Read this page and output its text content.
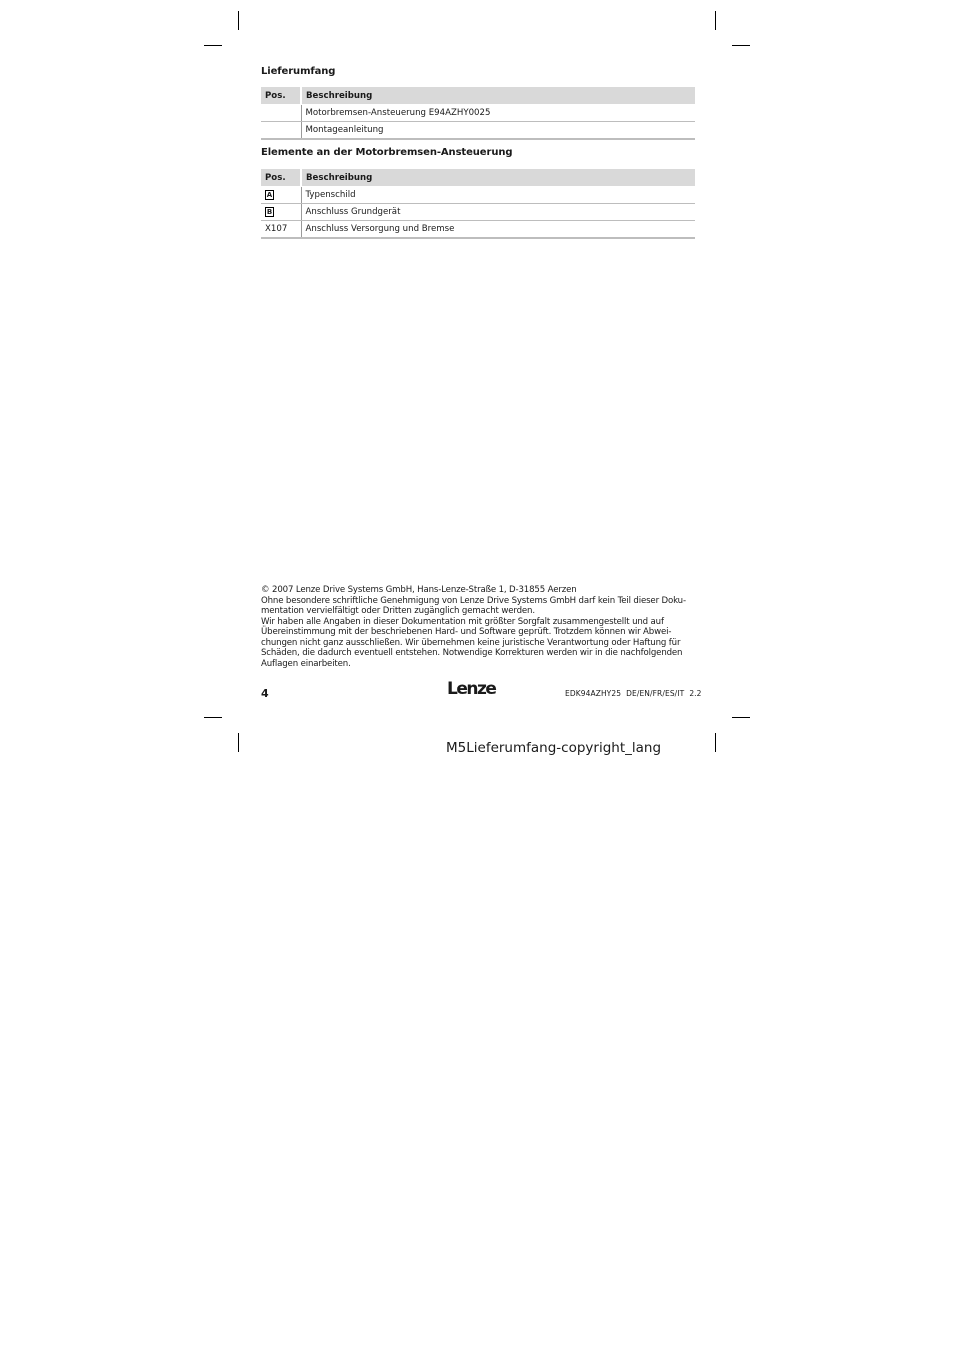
Lieferumfang
Pos.	Beschreibung
	Motorbremsen-Ansteuerung E94AZHY0025
	Montageanleitung
Elemente an der Motorbremsen-Ansteuerung
Pos.	Beschreibung
A	Typenschild
B	Anschluss Grundgerät
X107	Anschluss Versorgung und Bremse

© 2007 Lenze Drive Systems GmbH, Hans-Lenze-Straße 1, D-31855 Aerzen

Ohne besondere schriftliche Genehmigung von Lenze Drive Systems GmbH darf kein Teil dieser Doku-
mentation vervielfältigt oder Dritten zugänglich gemacht werden.

Wir haben alle Angaben in dieser Dokumentation mit größter Sorgfalt zusammengestellt und auf
Übereinstimmung mit der beschriebenen Hard- und Software geprüft. Trotzdem können wir Abwei-
chungen nicht ganz ausschließen. Wir übernehmen keine juristische Verantwortung oder Haftung für
Schäden, die dadurch eventuell entstehen. Notwendige Korrekturen werden wir in die nachfolgenden
Auflagen einarbeiten.

4	Lenze	EDK94AZHY25 DE/EN/FR/ES/IT 2.2
M5Lieferumfang-copyright_lang
